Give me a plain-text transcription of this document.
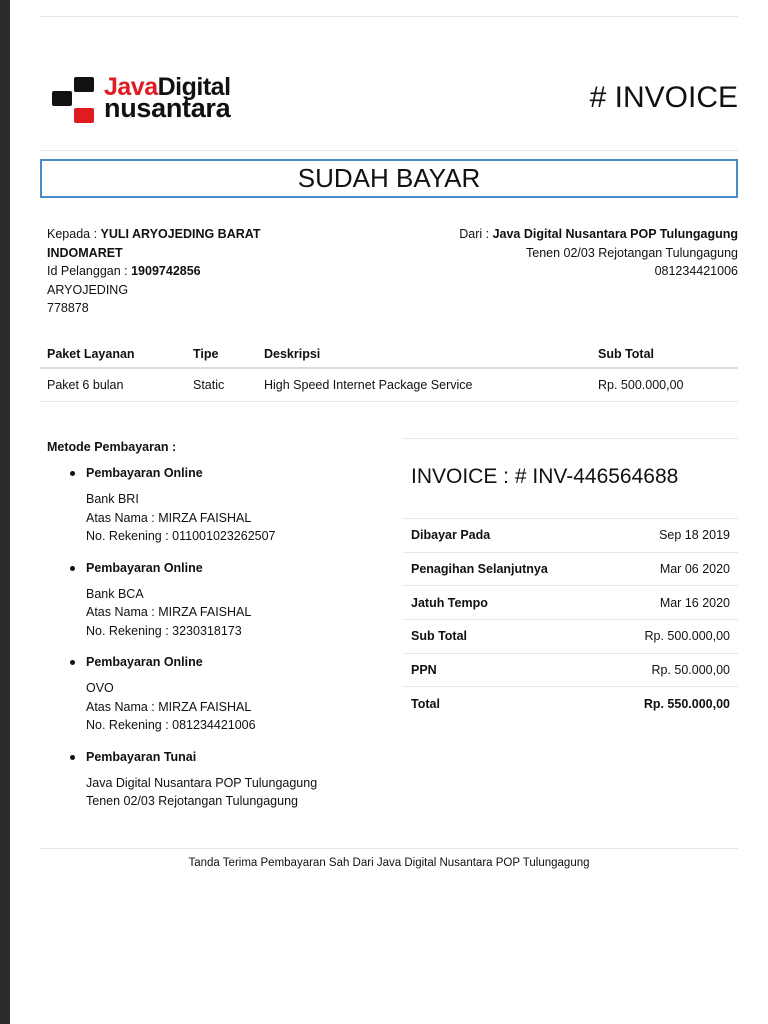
JavaDigital
nusantara	# INVOICE
SUDAH BAYAR
Kepada : YULI ARYOJEDING BARAT
INDOMARET
Id Pelanggan : 1909742856
ARYOJEDING
778878
Dari : Java Digital Nusantara POP Tulungagung
Tenen 02/03 Rejotangan Tulungagung
081234421006
Paket Layanan	Tipe	Deskripsi	Sub Total
Paket 6 bulan	Static	High Speed Internet Package Service	Rp. 500.000,00
Metode Pembayaran :
Pembayaran Online
Bank BRI
Atas Nama : MIRZA FAISHAL
No. Rekening : 011001023262507
Pembayaran Online
Bank BCA
Atas Nama : MIRZA FAISHAL
No. Rekening : 3230318173
Pembayaran Online
OVO
Atas Nama : MIRZA FAISHAL
No. Rekening : 081234421006
Pembayaran Tunai
Java Digital Nusantara POP Tulungagung
Tenen 02/03 Rejotangan Tulungagung
INVOICE : # INV-446564688
Dibayar Pada	Sep 18 2019
Penagihan Selanjutnya	Mar 06 2020
Jatuh Tempo	Mar 16 2020
Sub Total	Rp. 500.000,00
PPN	Rp. 50.000,00
Total	Rp. 550.000,00
Tanda Terima Pembayaran Sah Dari Java Digital Nusantara POP Tulungagung
